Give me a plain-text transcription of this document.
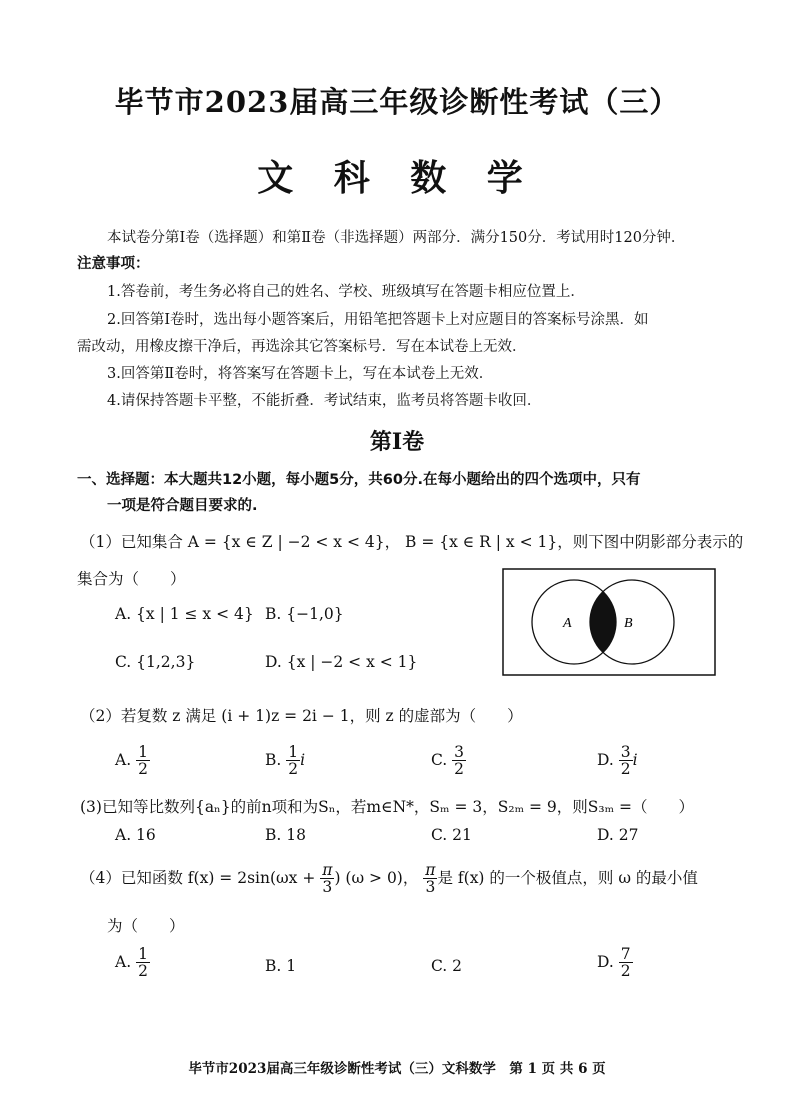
毕节市2023届高三年级诊断性考试（三）
文 科 数 学
本试卷分第Ⅰ卷（选择题）和第Ⅱ卷（非选择题）两部分．满分150分．考试用时120分钟．
注意事项：
1.答卷前，考生务必将自己的姓名、学校、班级填写在答题卡相应位置上．
2.回答第Ⅰ卷时，选出每小题答案后，用铅笔把答题卡上对应题目的答案标号涂黑．如
需改动，用橡皮擦干净后，再选涂其它答案标号．写在本试卷上无效．
3.回答第Ⅱ卷时，将答案写在答题卡上，写在本试卷上无效．
4.请保持答题卡平整，不能折叠．考试结束，监考员将答题卡收回．
第Ⅰ卷
一、选择题：本大题共12小题，每小题5分，共60分.在每小题给出的四个选项中，只有
一项是符合题目要求的.
（1）已知集合 A = {x ∈ Z | −2 < x < 4}， B = {x ∈ R | x < 1}，则下图中阴影部分表示的
集合为（　　）
A. {x | 1 ≤ x < 4} B. {−1,0}
C. {1,2,3}	D. {x | −2 < x < 1}
A	B
（2）若复数 z 满足 (i + 1)z = 2i − 1，则 z 的虚部为（　　）
A. $\frac{1}{2}$	B. $\frac{1}{2}$ i	C. $\frac{3}{2}$	D. $\frac{3}{2}$ i
(3)已知等比数列{aₙ}的前n项和为Sₙ，若m∈N*，Sₘ = 3，S₂ₘ = 9，则S₃ₘ =（　　）
A. 16	B. 18	C. 21	D. 27
（4）已知函数 $f(x) = 2\sin(\omega x + \frac{\pi}{3}$ ) (ω > 0)， $\frac{\pi}{3}$ 是 f(x) 的一个极值点，则 ω 的最小值
为（　　）
A. $\frac{1}{2}$	B. 1	C. 2	D. $\frac{7}{2}$
毕节市2023届高三年级诊断性考试（三）文科数学　第 1 页 共 6 页
